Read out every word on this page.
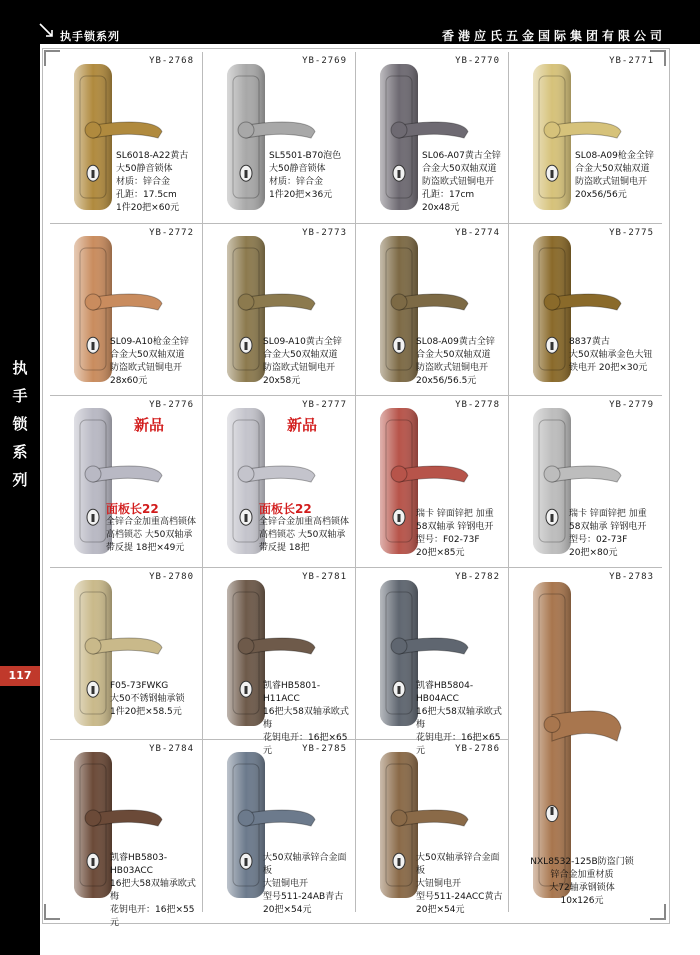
执手锁系列	香港应氏五金国际集团有限公司
执
手
锁
系
列
117
YB-2768
SL6018-A22黄古
大50静音锁体
材质：锌合金
孔距：17.5cm
1件20把×60元
YB-2769
SL5501-B70泡色
大50静音锁体
材质：锌合金
1件20把×36元
YB-2770
SL06-A07黄古全锌
合金大50双轴双道
防盗欧式钮铜电开
孔距：17cm
20x48元
YB-2771
SL08-A09枪金全锌
合金大50双轴双道
防盗欧式钮铜电开
20x56/56元
YB-2772
SL09-A10枪金全锌
合金大50双轴双道
防盗欧式钮铜电开
28x60元
YB-2773
SL09-A10黄古全锌
合金大50双轴双道
防盗欧式钮铜电开
20x58元
YB-2774
SL08-A09黄古全锌
合金大50双轴双道
防盗欧式钮铜电开
20x56/56.5元
YB-2775
8837黄古
大50双轴承金色大钮
铁电开 20把×30元
YB-2776
全锌合金加重高档锁体
高档锁芯 大50双轴承
带反提 18把×49元
新品
面板长22
YB-2777
全锌合金加重高档锁体
高档锁芯 大50双轴承
带反提 18把
新品
面板长22
YB-2778
瑞卡 锌面锌把 加重
58双轴承 锌钢电开
型号：F02-73F
20把×85元
YB-2779
瑞卡 锌面锌把 加重
58双轴承 锌钢电开
型号：02-73F
20把×80元
YB-2780
F05-73FWKG
大50不锈钢轴承锁
1件20把×58.5元
YB-2781
凯睿HB5801-H11ACC
16把大58双轴承欧式梅
花钥电开：16把×65元
YB-2782
凯睿HB5804-HB04ACC
16把大58双轴承欧式梅
花钥电开：16把×65元
YB-2783
NXL8532-125B防盗门锁
锌合金加重材质
大72轴承钢锁体
10x126元
YB-2784
凯睿HB5803-HB03ACC
16把大58双轴承欧式梅
花钥电开：16把×55元
YB-2785
大50双轴承锌合金面板
大钮铜电开
型号511-24AB青古
20把×54元
YB-2786
大50双轴承锌合金面板
大钮铜电开
型号511-24ACC黄古
20把×54元
